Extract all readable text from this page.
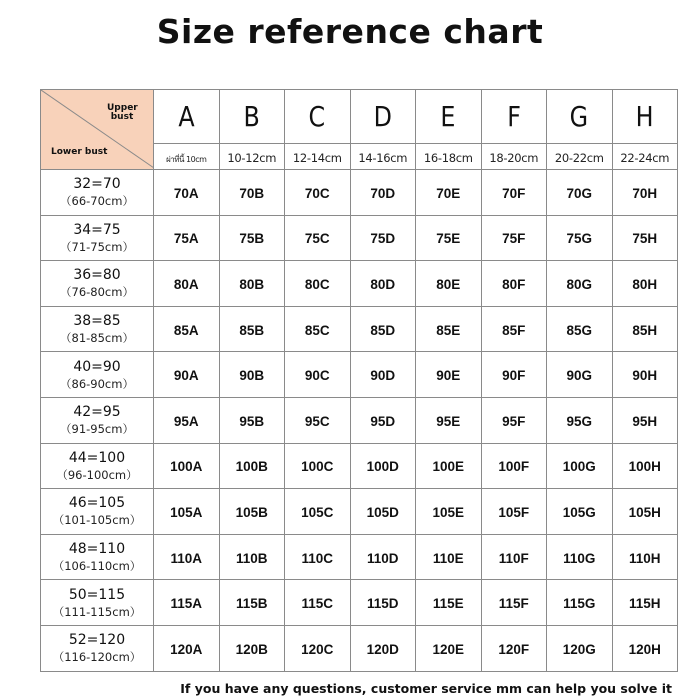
Size reference chart
Upper bust
Lower bust	A	B	C	D	E	F	G	H
	ผ่าที่นี้ 10cm	10-12cm	12-14cm	14-16cm	16-18cm	18-20cm	20-22cm	22-24cm

32=70
（66-70cm）	70A	70B	70C	70D	70E	70F	70G	70H

34=75
（71-75cm）	75A	75B	75C	75D	75E	75F	75G	75H

36=80
（76-80cm）	80A	80B	80C	80D	80E	80F	80G	80H

38=85
（81-85cm）	85A	85B	85C	85D	85E	85F	85G	85H

40=90
（86-90cm）	90A	90B	90C	90D	90E	90F	90G	90H

42=95
（91-95cm）	95A	95B	95C	95D	95E	95F	95G	95H

44=100
（96-100cm）	100A	100B	100C	100D	100E	100F	100G	100H

46=105
（101-105cm）	105A	105B	105C	105D	105E	105F	105G	105H

48=110
（106-110cm）	110A	110B	110C	110D	110E	110F	110G	110H

50=115
（111-115cm）	115A	115B	115C	115D	115E	115F	115G	115H

52=120
（116-120cm）	120A	120B	120C	120D	120E	120F	120G	120H
If you have any questions, customer service mm can help you solve it
